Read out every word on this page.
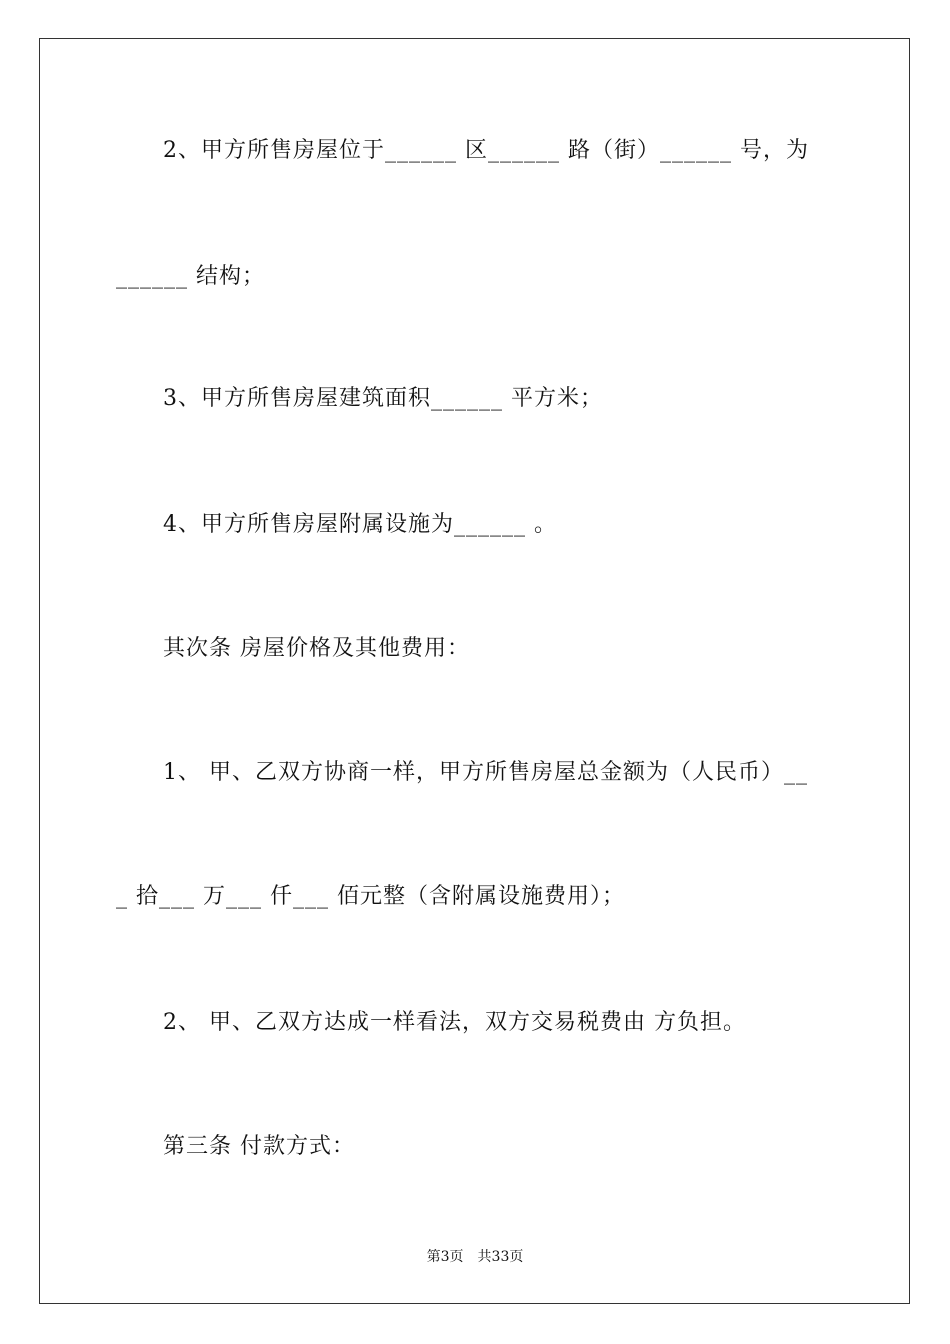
2、甲方所售房屋位于______ 区______ 路（街）______ 号，为
______ 结构；
3、甲方所售房屋建筑面积______ 平方米；
4、甲方所售房屋附属设施为______ 。
其次条 房屋价格及其他费用：
1、 甲、乙双方协商一样，甲方所售房屋总金额为（人民币）__
_ 拾___ 万___ 仟___ 佰元整（含附属设施费用）；
2、 甲、乙双方达成一样看法，双方交易税费由 方负担。
第三条 付款方式：
第3页 共33页
